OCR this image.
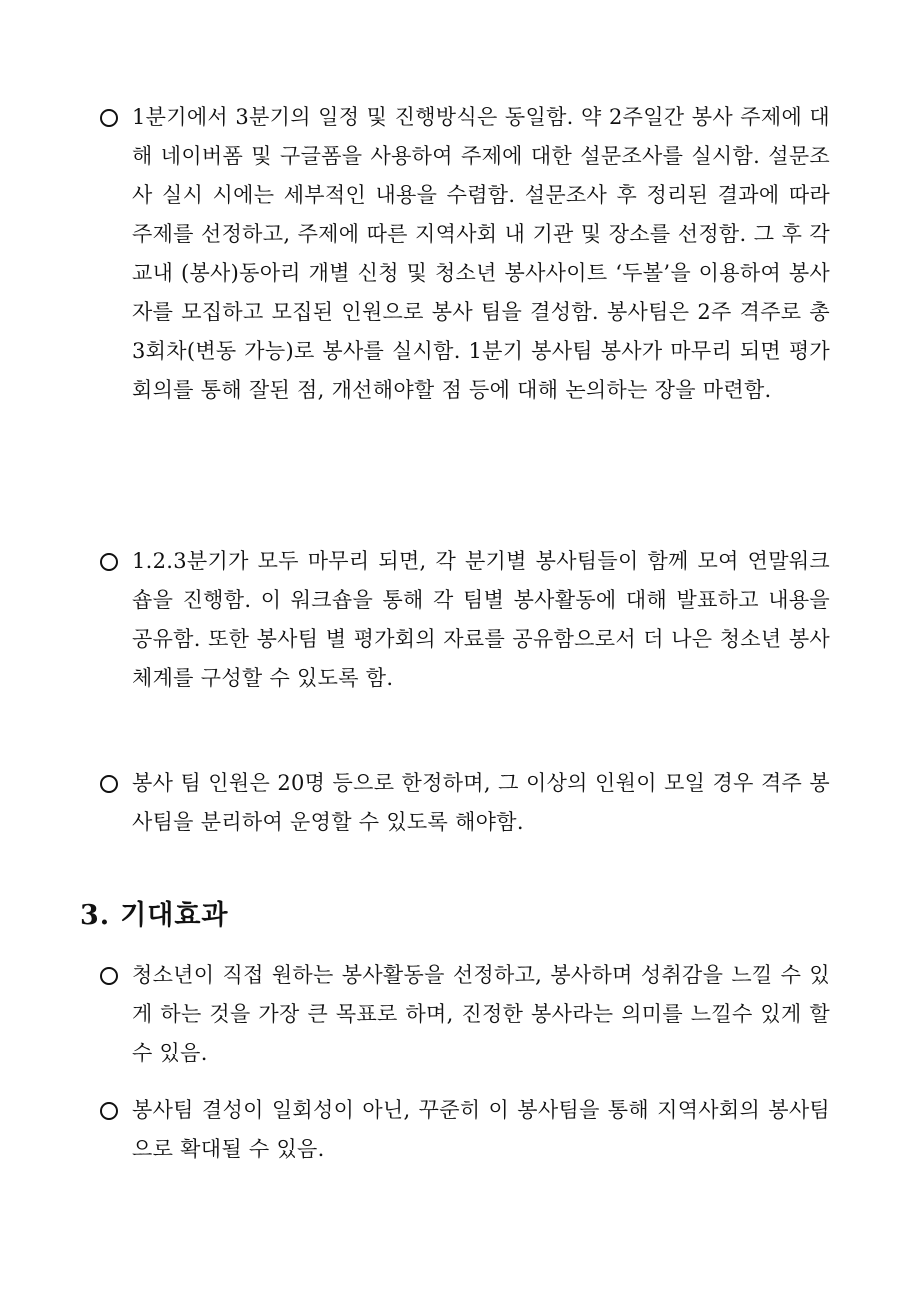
1분기에서 3분기의 일정 및 진행방식은 동일함. 약 2주일간 봉사 주제에 대해 네이버폼 및 구글폼을 사용하여 주제에 대한 설문조사를 실시함. 설문조사 실시 시에는 세부적인 내용을 수렴함. 설문조사 후 정리된 결과에 따라 주제를 선정하고, 주제에 따른 지역사회 내 기관 및 장소를 선정함. 그 후 각 교내 (봉사)동아리 개별 신청 및 청소년 봉사사이트 ‘두볼’을 이용하여 봉사자를 모집하고 모집된 인원으로 봉사 팀을 결성함. 봉사팀은 2주 격주로 총 3회차(변동 가능)로 봉사를 실시함. 1분기 봉사팀 봉사가 마무리 되면 평가회의를 통해 잘된 점, 개선해야할 점 등에 대해 논의하는 장을 마련함.

1.2.3분기가 모두 마무리 되면, 각 분기별 봉사팀들이 함께 모여 연말워크숍을 진행함. 이 워크숍을 통해 각 팀별 봉사활동에 대해 발표하고 내용을 공유함. 또한 봉사팀 별 평가회의 자료를 공유함으로서 더 나은 청소년 봉사 체계를 구성할 수 있도록 함.

봉사 팀 인원은 20명 등으로 한정하며, 그 이상의 인원이 모일 경우 격주 봉사팀을 분리하여 운영할 수 있도록 해야함.

3. 기대효과

청소년이 직접 원하는 봉사활동을 선정하고, 봉사하며 성취감을 느낄 수 있게 하는 것을 가장 큰 목표로 하며, 진정한 봉사라는 의미를 느낄수 있게 할 수 있음.

봉사팀 결성이 일회성이 아닌, 꾸준히 이 봉사팀을 통해 지역사회의 봉사팀으로 확대될 수 있음.
